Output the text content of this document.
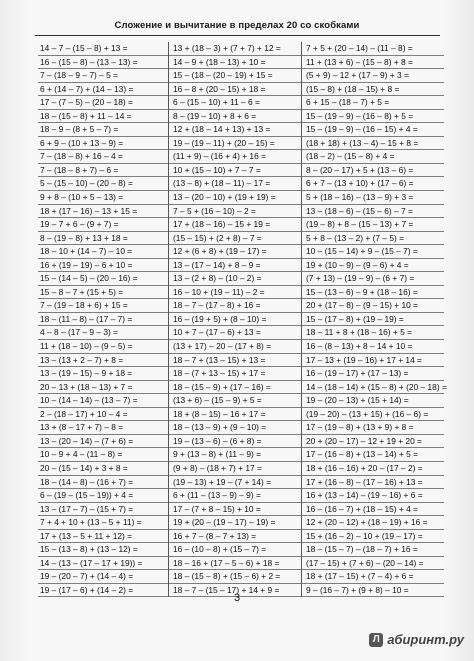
Сложение и вычитание в пределах 20 со скобками
14 – 7 – (15 – 8) + 13 =
16 – (15 – 8) – (13 – 13) =
7 – (18 – 9 – 7) – 5 =
6 + (14 – 7) + (14 – 13) =
17 – (7 – 5) – (20 – 18) =
18 – (15 – 8) + 11 – 14 =
18 – 9 – (8 + 5 – 7) =
6 + 9 – (10 + 13 – 9) =
7 – (18 – 8) + 16 – 4 =
7 – (18 – 8 + 7) – 6 =
5 – (15 – 10) – (20 – 8) =
9 + 8 – (10 + 5 – 13) =
18 + (17 – 16) – 13 + 15 =
19 – 7 + 6 – (9 + 7) =
8 – (19 – 8) + 13 + 18 =
18 – 10 + (14 – 7) – 10 =
16 + (19 – 19) – 6 + 10 =
15 – (14 – 5) – (20 – 16) =
15 – 8 – 7 + (15 + 5) =
7 – (19 – 18 + 6) + 15 =
18 – (11 – 8) – (17 – 7) =
4 – 8 – (17 – 9 – 3) =
11 + (18 – 10) – (9 – 5) =
13 – (13 + 2 – 7) + 8 =
13 – (19 – 15) – 9 + 18 =
20 – 13 + (18 – 13) + 7 =
10 – (14 – 14) – (13 – 7) =
2 – (18 – 17) + 10 – 4 =
13 + (8 – 17 + 7) – 8 =
13 – (20 – 14) – (7 + 6) =
10 – 9 + 4 – (11 – 8) =
20 – (15 – 14) + 3 + 8 =
18 – (14 – 8) – (16 + 7) =
6 – (19 – (15 – 19)) + 4 =
13 – (17 – 7) – (15 + 7) =
7 + 4 + 10 + (13 – 5 + 11) =
17 + (13 – 5 + 11 + 12) =
15 – (13 – 8) + (13 – 12) =
14 – (13 – (17 – 17 + 19)) =
19 – (20 – 7) + (14 – 4) =
19 – (17 – 6) + (14 – 2) =
13 + (18 – 3) + (7 + 7) + 12 =
14 – 9 + (18 – 13) + 10 =
15 – (18 – (20 – 19) + 15 =
16 – 8 + (20 – 15) + 18 =
6 – (15 – 10) + 11 – 6 =
8 – (19 – 10) + 8 + 6 =
12 + (18 – 14 + 13) + 13 =
19 – (19 – 11) + (20 – 15) =
(11 + 9) – (16 + 4) + 16 =
10 + (15 – 10) + 7 – 7 =
(13 – 8) + (18 – 11) – 17 =
13 – (20 – 10) + (19 + 19) =
7 – 5 + (16 – 10) – 2 =
17 + (18 – 16) – 15 + 19 =
(15 – 15) + (2 + 8) – 7 =
12 + (6 + 8) + (19 – 17) =
13 – (17 – 14) + 8 – 9 =
13 – (2 + 8) – (10 – 2) =
16 – 10 + (19 – 11) – 2 =
18 – 7 – (17 – 8) + 16 =
16 – (19 + 5) + (8 – 10) =
10 + 7 – (17 – 6) + 13 =
(13 + 17) – 20 – (17 + 8) =
18 – 7 + (13 – 15) + 13 =
18 – (7 + 13 – 15) + 17 =
18 – (15 – 9) + (17 – 16) =
(13 + 6) – (15 – 9) + 5 =
18 + (8 – 15) – 16 + 17 =
18 – (13 – 9) + (9 – 10) =
19 – (13 – 6) – (6 + 8) =
9 + (13 – 8) + (11 – 9) =
(9 + 8) – (18 + 7) + 17 =
(19 – 13) + 19 – (7 + 14) =
6 + (11 – (13 – 9) – 9) =
17 – (7 + 8 – 15) + 10 =
19 + (20 – (19 – 17) – 19) =
16 + 7 – (8 – 7 + 13) =
16 – (10 – 8) + (15 – 7) =
18 – 16 + (17 – 5 – 6) + 18 =
18 – (15 – 8) + (15 – 6) + 2 =
18 – 7 – (15 – 17) + 14 + 9 =
7 + 5 + (20 – 14) – (11 – 8) =
11 + (13 + 6) – (15 – 8) + 8 =
(5 + 9) – 12 + (17 – 9) + 3 =
(15 – 8) + (18 – 15) + 8 =
6 + 15 – (18 – 7) + 5 =
15 – (19 – 9) – (16 – 8) + 5 =
15 – (19 – 9) – (16 – 15) + 4 =
(18 + 18) + (13 – 4) – 15 + 8 =
(18 – 2) – (15 – 8) + 4 =
8 – (20 – 17) + 5 + (13 – 6) =
6 + 7 – (13 + 10) + (17 – 6) =
5 + (18 – 16) – (13 – 9) + 3 =
13 – (18 – 6) – (15 – 6) – 7 =
(19 – 8) + 8 – (15 – 13) + 7 =
5 + 8 – (13 – 2) + (7 – 5) =
10 – (15 – 14) + 9 – (15 – 7) =
19 + (10 – 9) – (9 – 6) + 4 =
(7 + 13) – (19 – 9) – (6 + 7) =
15 – (13 – 6) – 9 + (18 – 16) =
20 + (17 – 8) – (9 – 15) + 10 =
15 – (17 – 8) + (19 – 19) =
18 – 11 + 8 + (18 – 16) + 5 =
16 – (8 – 13) + 8 – 14 + 10 =
17 – 13 + (19 – 16) + 17 + 14 =
16 – (19 – 17) + (17 – 13) =
14 – (18 – 14) + (15 – 8) + (20 – 18) =
19 – (20 – 13) + (15 + 14) =
(19 – 20) – (13 + 15) + (16 – 6) =
17 – (19 – 8) + (13 + 9) + 8 =
20 + (20 – 17) – 12 + 19 + 20 =
17 – (16 – 8) + (13 – 14) + 5 =
18 + (16 – 16) + 20 – (17 – 2) =
17 + (16 – 8) – (17 – 16) + 13 =
16 + (13 – 14) – (19 – 16) + 6 =
16 – (16 – 7) + (18 – 15) + 4 =
12 + (20 – 12) + (18 – 19) + 16 =
15 + (16 – 2) – 10 + (19 – 17) =
18 – (15 – 7) – (18 – 7) + 16 =
(17 – 15) + (7 + 6) – (20 – 14) =
18 + (17 – 15) + (7 – 4) + 6 =
9 – (16 – 7) + (9 + 8) – 10 =
3
Л абиринт.ру
